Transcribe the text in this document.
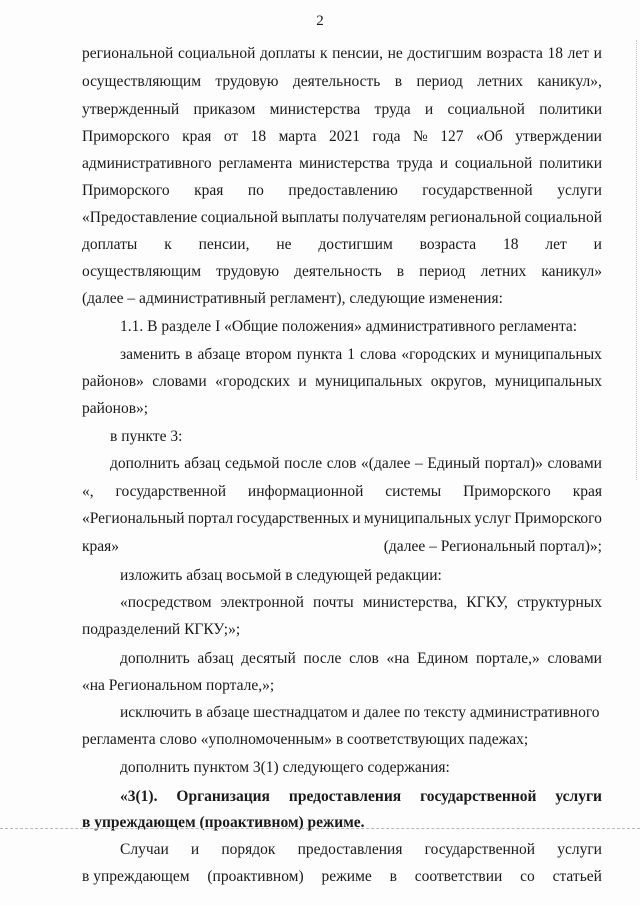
2
регионaльной социальной доплаты к пенсии, не достигшим возраста 18 лет и
осуществляющим трудовую деятельность в период летних каникул»,
утвержденный приказом министерства труда и социальной политики
Приморского края от 18 марта 2021 года № 127 «Об утверждении
административного регламента министерства труда и социальной политики
Приморского края по предоставлению государственной услуги
«Предоставление социальной выплаты получателям региональной социальной
доплаты к пенсии, не достигшим возраста 18 лет и
осуществляющим трудовую деятельность в период летних каникул»
(далее – административный регламент), следующие изменения:
1.1. В разделе I «Общие положения» административного регламента:
заменить в абзаце втором пункта 1 слова «городских и муниципальных
районов» словами «городских и муниципальных округов, муниципальных
районов»;
в пункте 3:
дополнить абзац седьмой после слов «(далее – Единый портал)» словами
«, государственной информационной системы Приморского края
«Региональный портал государственных и муниципальных услуг Приморского
края»	(далее – Региональный портал)»;
изложить абзац восьмой в следующей редакции:
«посредством электронной почты министерства, КГКУ, структурных
подразделений КГКУ;»;
дополнить абзац десятый после слов «на Едином портале,» словами
«на Региональном портале,»;
исключить в абзаце шестнадцатом и далее по тексту административного
регламента слово «уполномоченным» в соответствующих падежах;
дополнить пунктом 3(1) следующего содержания:
«3(1). Организация предоставления государственной услуги
в упреждающем (проактивном) режиме.
Случаи и порядок предоставления государственной услуги
в упреждающем (проактивном) режиме в соответствии со статьей
